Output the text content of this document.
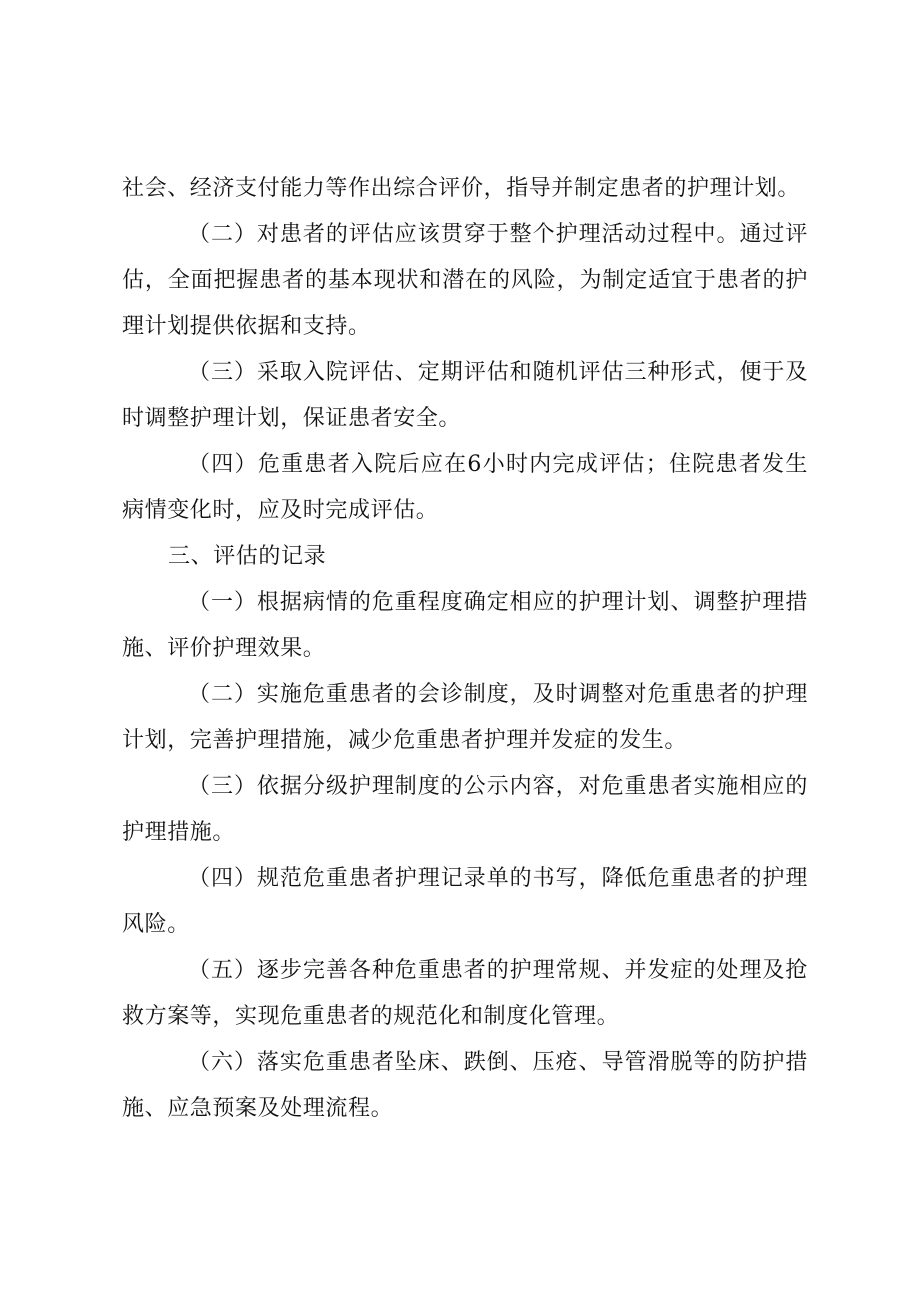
社会、经济支付能力等作出综合评价，指导并制定患者的护理计划。

（二）对患者的评估应该贯穿于整个护理活动过程中。通过评估，全面把握患者的基本现状和潜在的风险，为制定适宜于患者的护理计划提供依据和支持。

（三）采取入院评估、定期评估和随机评估三种形式，便于及时调整护理计划，保证患者安全。

（四）危重患者入院后应在6小时内完成评估；住院患者发生病情变化时，应及时完成评估。

三、评估的记录

（一）根据病情的危重程度确定相应的护理计划、调整护理措施、评价护理效果。

（二）实施危重患者的会诊制度，及时调整对危重患者的护理计划，完善护理措施，减少危重患者护理并发症的发生。

（三）依据分级护理制度的公示内容，对危重患者实施相应的护理措施。

（四）规范危重患者护理记录单的书写，降低危重患者的护理风险。

（五）逐步完善各种危重患者的护理常规、并发症的处理及抢救方案等，实现危重患者的规范化和制度化管理。

（六）落实危重患者坠床、跌倒、压疮、导管滑脱等的防护措施、应急预案及处理流程。
